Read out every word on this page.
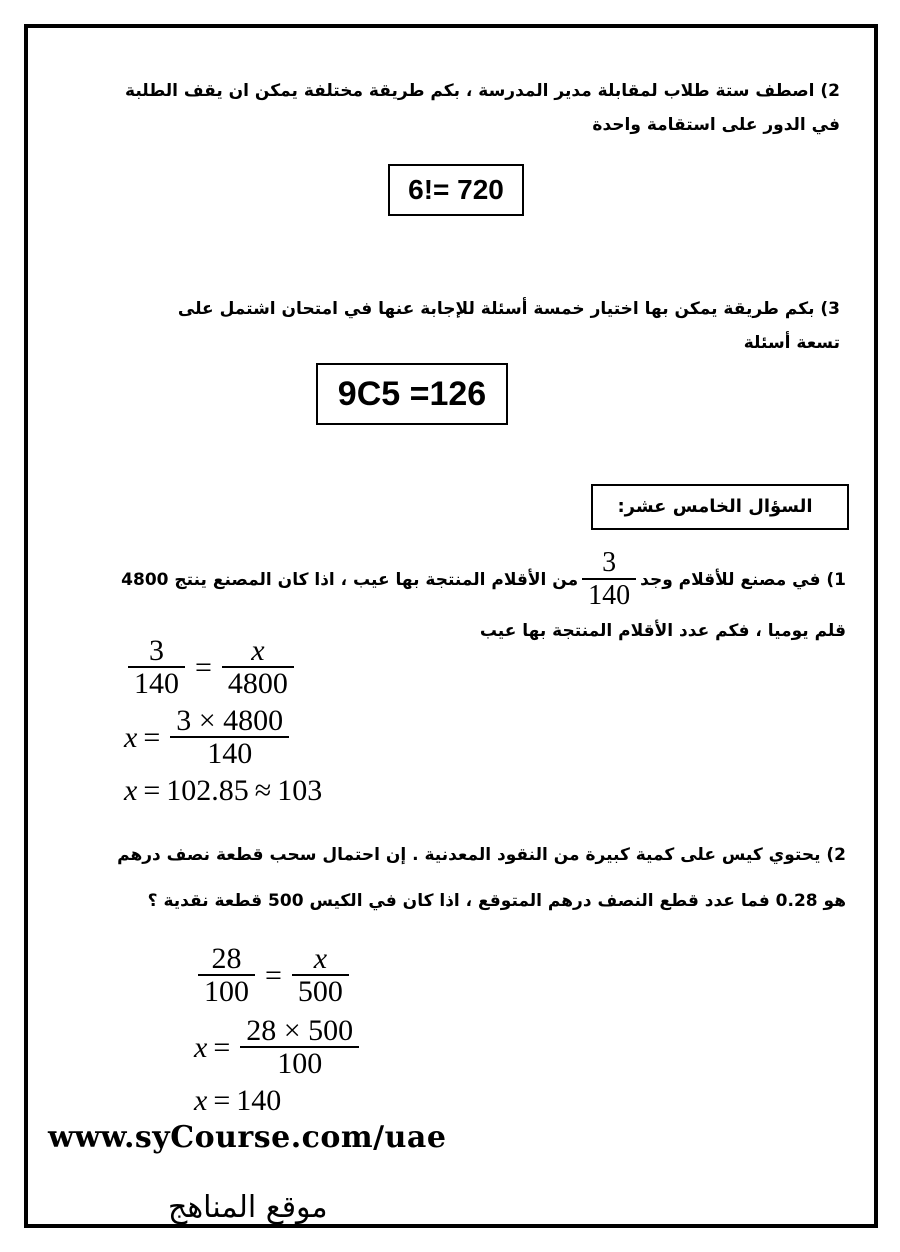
2) اصطف ستة طلاب لمقابلة مدير المدرسة ، بكم طريقة مختلفة يمكن ان يقف الطلبة
في الدور على استقامة واحدة
6!= 720
3) بكم طريقة يمكن بها اختيار خمسة أسئلة للإجابة عنها في امتحان اشتمل على
تسعة أسئلة
9C5 =126
السؤال الخامس عشر:
1) في مصنع للأقلام وجد
$\frac{3}{140}$
من الأقلام المنتجة بها عيب ، اذا كان المصنع ينتج 4800
قلم يوميا ، فكم عدد الأقلام المنتجة بها عيب
$\frac{3}{140} = \frac{x}{4800}$
$x = \frac{3 \times 4800}{140}$
x = 102.85 ≈ 103
2) يحتوي كيس على كمية كبيرة من النقود المعدنية . إن احتمال سحب قطعة نصف درهم
هو 0.28 فما عدد قطع النصف درهم المتوقع ، اذا كان في الكيس 500 قطعة نقدية ؟
$\frac{28}{100} = \frac{x}{500}$
$x = \frac{28 \times 500}{100}$
x = 140
www.syCourse.com/uae
موقع المناهج
